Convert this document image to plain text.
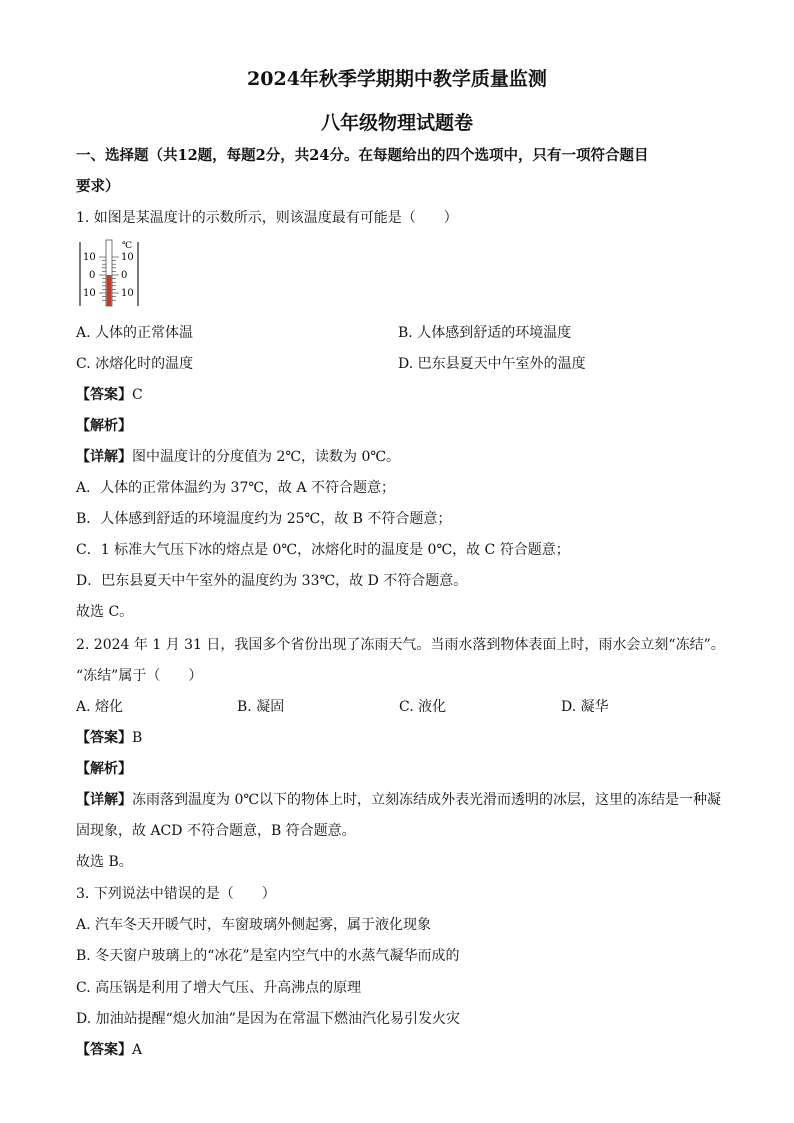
2024年秋季学期期中教学质量监测
八年级物理试题卷
一、选择题（共12题，每题2分，共24分。在每题给出的四个选项中，只有一项符合题目
要求）
1. 如图是某温度计的示数所示，则该温度最有可能是（　　）
℃
10
0
10
10
0
10
A. 人体的正常体温	B. 人体感到舒适的环境温度
C. 冰熔化时的温度	D. 巴东县夏天中午室外的温度
【答案】C
【解析】
【详解】图中温度计的分度值为 2℃，读数为 0℃。
A．人体的正常体温约为 37℃，故 A 不符合题意；
B．人体感到舒适的环境温度约为 25℃，故 B 不符合题意；
C．1 标准大气压下冰的熔点是 0℃，冰熔化时的温度是 0℃，故 C 符合题意；
D．巴东县夏天中午室外的温度约为 33℃，故 D 不符合题意。
故选 C。
2. 2024 年 1 月 31 日，我国多个省份出现了冻雨天气。当雨水落到物体表面上时，雨水会立刻“冻结”。
“冻结”属于（　　）
A. 熔化	B. 凝固	C. 液化	D. 凝华
【答案】B
【解析】
【详解】冻雨落到温度为 0℃以下的物体上时，立刻冻结成外表光滑而透明的冰层，这里的冻结是一种凝
固现象，故 ACD 不符合题意，B 符合题意。
故选 B。
3. 下列说法中错误的是（　　）
A. 汽车冬天开暖气时，车窗玻璃外侧起雾，属于液化现象
B. 冬天窗户玻璃上的“冰花”是室内空气中的水蒸气凝华而成的
C. 高压锅是利用了增大气压、升高沸点的原理
D. 加油站提醒“熄火加油”是因为在常温下燃油汽化易引发火灾
【答案】A
